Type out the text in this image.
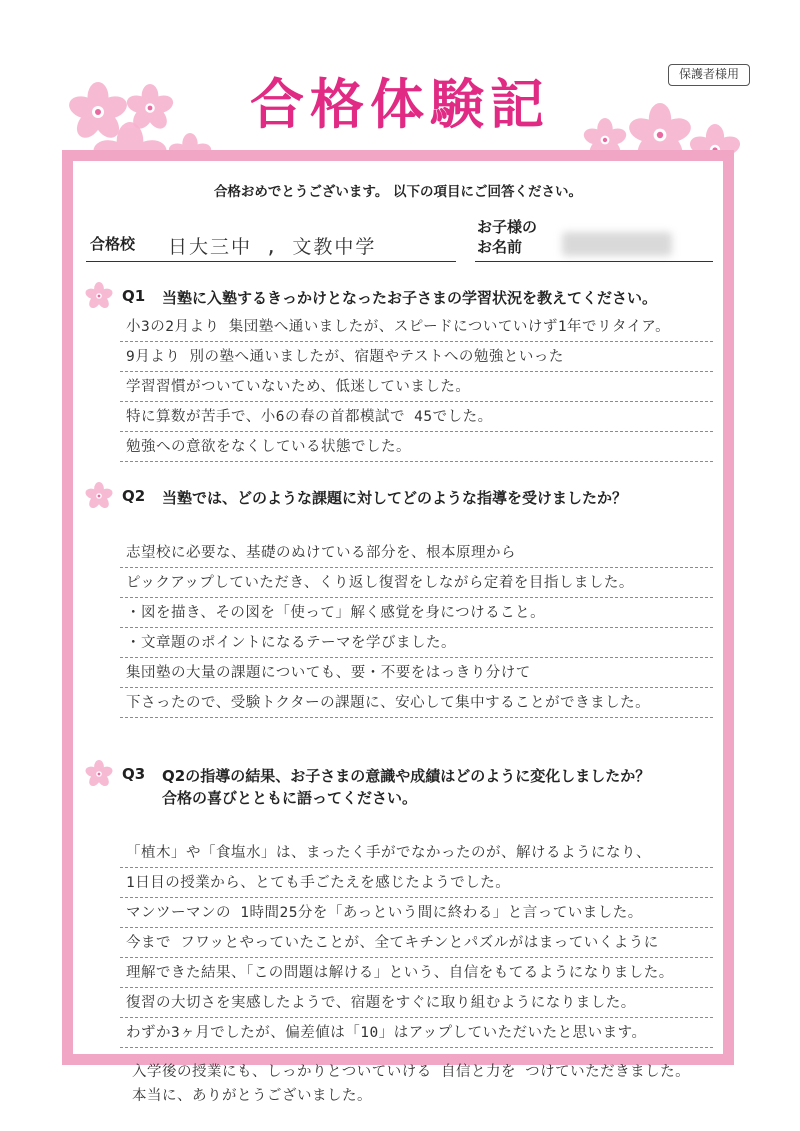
保護者様用
合格体験記
合格おめでとうございます。 以下の項目にご回答ください。
合格校 日大三中 , 文教中学
お子様の
お名前
Q1	当塾に入塾するきっかけとなったお子さまの学習状況を教えてください。
小3の2月より 集団塾へ通いましたが、スピードについていけず1年でリタイア。
9月より 別の塾へ通いましたが、宿題やテストへの勉強といった
学習習慣がついていないため、低迷していました。
特に算数が苦手で、小6の春の首都模試で 45でした。
勉強への意欲をなくしている状態でした。
Q2	当塾では、どのような課題に対してどのような指導を受けましたか？
志望校に必要な、基礎のぬけている部分を、根本原理から
ピックアップしていただき、くり返し復習をしながら定着を目指しました。
・図を描き、その図を「使って」解く感覚を身につけること。
・文章題のポイントになるテーマを学びました。
集団塾の大量の課題についても、要・不要をはっきり分けて
下さったので、受験トクターの課題に、安心して集中することができました。
Q3	Q2の指導の結果、お子さまの意識や成績はどのように変化しましたか？
合格の喜びとともに語ってください。
「植木」や「食塩水」は、まったく手がでなかったのが、解けるようになり、
1日目の授業から、とても手ごたえを感じたようでした。
マンツーマンの 1時間25分を「あっという間に終わる」と言っていました。
今まで フワッとやっていたことが、全てキチンとパズルがはまっていくように
理解できた結果、「この問題は解ける」という、自信をもてるようになりました。
復習の大切さを実感したようで、宿題をすぐに取り組むようになりました。
わずか3ヶ月でしたが、偏差値は「10」はアップしていただいたと思います。
入学後の授業にも、しっかりとついていける 自信と力を つけていただきました。
本当に、ありがとうございました。
